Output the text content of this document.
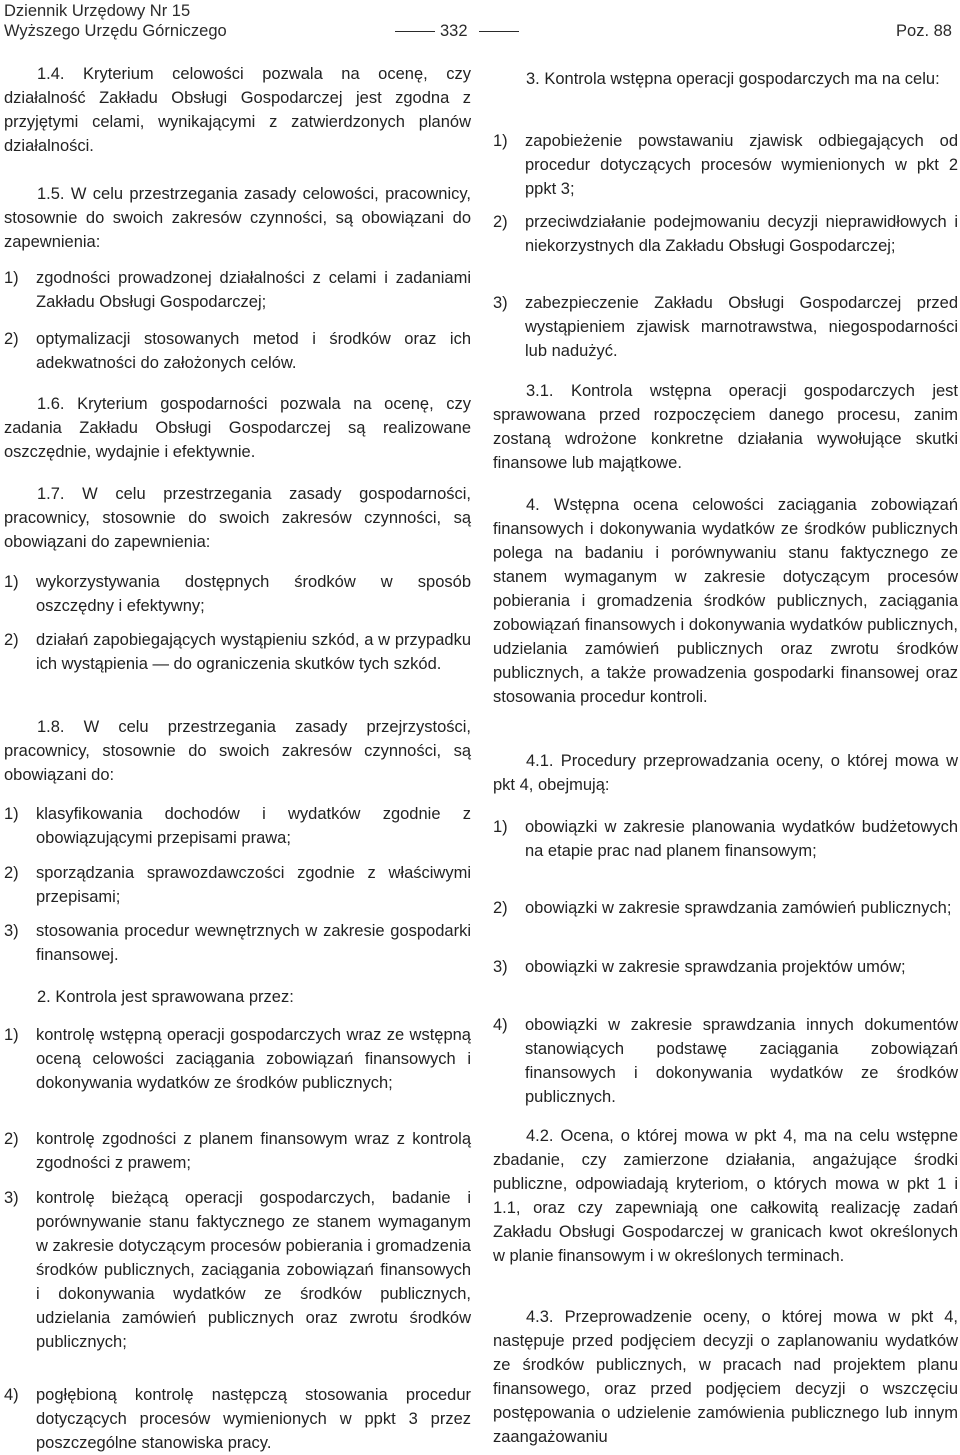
Dziennik Urzędowy Nr 15
Wyższego Urzędu Górniczego	332	Poz. 88

1.4. Kryterium celowości pozwala na ocenę, czy działalność Zakładu Obsługi Gospodarczej jest zgodna z przyjętymi celami, wynikającymi z zatwierdzonych planów działalności.

1.5. W celu przestrzegania zasady celowości, pracownicy, stosownie do swoich zakresów czynności, są obowiązani do zapewnienia:

1)	zgodności prowadzonej działalności z celami i zadaniami Zakładu Obsługi Gospodarczej;
2)	optymalizacji stosowanych metod i środków oraz ich adekwatności do założonych celów.

1.6. Kryterium gospodarności pozwala na ocenę, czy zadania Zakładu Obsługi Gospodarczej są realizowane oszczędnie, wydajnie i efektywnie.

1.7. W celu przestrzegania zasady gospodarności, pracownicy, stosownie do swoich zakresów czynności, są obowiązani do zapewnienia:

1)	wykorzystywania dostępnych środków w sposób oszczędny i efektywny;
2)	działań zapobiegających wystąpieniu szkód, a w przypadku ich wystąpienia — do ograniczenia skutków tych szkód.

1.8. W celu przestrzegania zasady przejrzystości, pracownicy, stosownie do swoich zakresów czynności, są obowiązani do:

1)	klasyfikowania dochodów i wydatków zgodnie z obowiązującymi przepisami prawa;
2)	sporządzania sprawozdawczości zgodnie z właściwymi przepisami;
3)	stosowania procedur wewnętrznych w zakresie gospodarki finansowej.

2. Kontrola jest sprawowana przez:

1)	kontrolę wstępną operacji gospodarczych wraz ze wstępną oceną celowości zaciągania zobowiązań finansowych i dokonywania wydatków ze środków publicznych;
2)	kontrolę zgodności z planem finansowym wraz z kontrolą zgodności z prawem;
3)	kontrolę bieżącą operacji gospodarczych, badanie i porównywanie stanu faktycznego ze stanem wymaganym w zakresie dotyczącym procesów pobierania i gromadzenia środków publicznych, zaciągania zobowiązań finansowych i dokonywania wydatków ze środków publicznych, udzielania zamówień publicznych oraz zwrotu środków publicznych;
4)	pogłębioną kontrolę następczą stosowania procedur dotyczących procesów wymienionych w ppkt 3 przez poszczególne stanowiska pracy.

3. Kontrola wstępna operacji gospodarczych ma na celu:

1)	zapobieżenie powstawaniu zjawisk odbiegających od procedur dotyczących procesów wymienionych w pkt 2 ppkt 3;
2)	przeciwdziałanie podejmowaniu decyzji nieprawidłowych i niekorzystnych dla Zakładu Obsługi Gospodarczej;
3)	zabezpieczenie Zakładu Obsługi Gospodarczej przed wystąpieniem zjawisk marnotrawstwa, niegospodarności lub nadużyć.

3.1. Kontrola wstępna operacji gospodarczych jest sprawowana przed rozpoczęciem danego procesu, zanim zostaną wdrożone konkretne działania wywołujące skutki finansowe lub majątkowe.

4. Wstępna ocena celowości zaciągania zobowiązań finansowych i dokonywania wydatków ze środków publicznych polega na badaniu i porównywaniu stanu faktycznego ze stanem wymaganym w zakresie dotyczącym procesów pobierania i gromadzenia środków publicznych, zaciągania zobowiązań finansowych i dokonywania wydatków publicznych, udzielania zamówień publicznych oraz zwrotu środków publicznych, a także prowadzenia gospodarki finansowej oraz stosowania procedur kontroli.

4.1. Procedury przeprowadzania oceny, o której mowa w pkt 4, obejmują:

1)	obowiązki w zakresie planowania wydatków budżetowych na etapie prac nad planem finansowym;
2)	obowiązki w zakresie sprawdzania zamówień publicznych;
3)	obowiązki w zakresie sprawdzania projektów umów;
4)	obowiązki w zakresie sprawdzania innych dokumentów stanowiących podstawę zaciągania zobowiązań finansowych i dokonywania wydatków ze środków publicznych.

4.2. Ocena, o której mowa w pkt 4, ma na celu wstępne zbadanie, czy zamierzone działania, angażujące środki publiczne, odpowiadają kryteriom, o których mowa w pkt 1 i 1.1, oraz czy zapewniają one całkowitą realizację zadań Zakładu Obsługi Gospodarczej w granicach kwot określonych w planie finansowym i w określonych terminach.

4.3. Przeprowadzenie oceny, o której mowa w pkt 4, następuje przed podjęciem decyzji o zaplanowaniu wydatków ze środków publicznych, w pracach nad projektem planu finansowego, oraz przed podjęciem decyzji o wszczęciu postępowania o udzielenie zamówienia publicznego lub innym zaangażowaniu
